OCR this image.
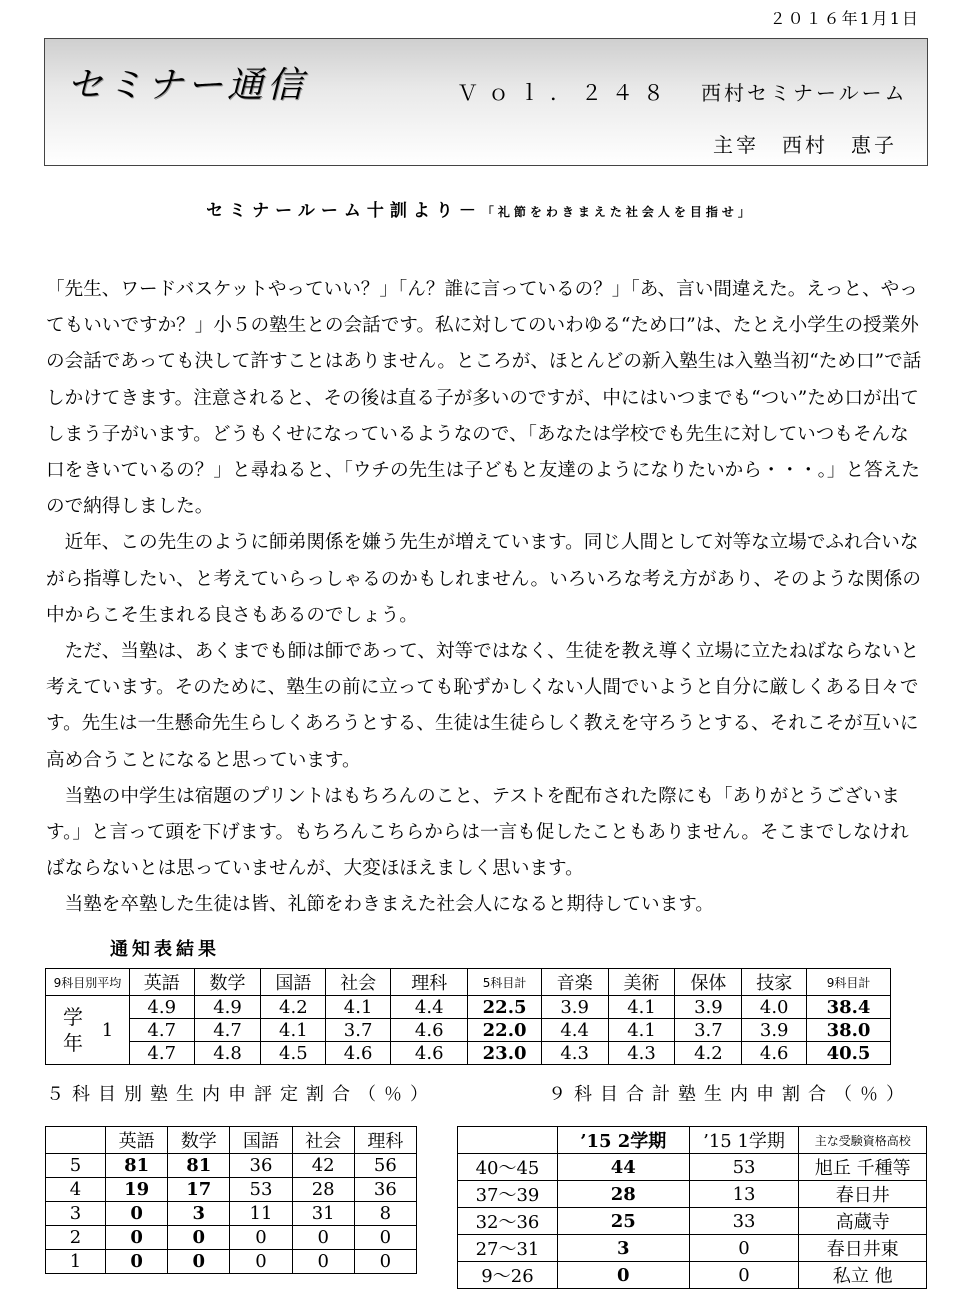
２０１６年1月1日
セミナー通信	Ｖｏｌ．２４８ 西村セミナールーム
主宰　西村　恵子
セミナールーム十訓より－「礼節をわきまえた社会人を目指せ」

「先生、ワードバスケットやっていい？」「ん？誰に言っているの？」「あ、言い間違えた。えっと、やってもいいですか？」小５の塾生との会話です。私に対してのいわゆる“ため口”は、たとえ小学生の授業外の会話であっても決して許すことはありません。ところが、ほとんどの新入塾生は入塾当初“ため口”で話しかけてきます。注意されると、その後は直る子が多いのですが、中にはいつまでも“つい”ため口が出てしまう子がいます。どうもくせになっているようなので、「あなたは学校でも先生に対していつもそんな口をきいているの？」と尋ねると、「ウチの先生は子どもと友達のようになりたいから・・・。」と答えたので納得しました。

近年、この先生のように師弟関係を嫌う先生が増えています。同じ人間として対等な立場でふれ合いながら指導したい、と考えていらっしゃるのかもしれません。いろいろな考え方があり、そのような関係の中からこそ生まれる良さもあるのでしょう。

ただ、当塾は、あくまでも師は師であって、対等ではなく、生徒を教え導く立場に立たねばならないと考えています。そのために、塾生の前に立っても恥ずかしくない人間でいようと自分に厳しくある日々です。先生は一生懸命先生らしくあろうとする、生徒は生徒らしく教えを守ろうとする、それこそが互いに高め合うことになると思っています。

当塾の中学生は宿題のプリントはもちろんのこと、テストを配布された際にも「ありがとうございます。」と言って頭を下げます。もちろんこちらからは一言も促したこともありません。そこまでしなければならないとは思っていませんが、大変ほほえましく思います。

当塾を卒塾した生徒は皆、礼節をわきまえた社会人になると期待しています。

通知表結果
9科目別平均	英語	数学	国語	社会	理科	5科目計	音楽	美術	保体	技家	9科目計

学年	1
	4.9	4.9	4.2	4.1	4.4	22.5	3.9	4.1	3.9	4.0	38.4
4.7	4.7	4.1	3.7	4.6	22.0	4.4	4.1	3.7	3.9	38.0
4.7	4.8	4.5	4.6	4.6	23.0	4.3	4.3	4.2	4.6	40.5
５科目別塾生内申評定割合（％）	９科目合計塾生内申割合（％）
	英語	数学	国語	社会	理科
5	81	81	36	42	56
4	19	17	53	28	36
3	0	3	11	31	8
2	0	0	0	0	0
1	0	0	0	0	0
	’15 2学期	’15 1学期	主な受験資格高校
40～45	44	53	旭丘 千種等
37～39	28	13	春日井
32～36	25	33	高蔵寺
27～31	3	0	春日井東
9～26	0	0	私立 他
